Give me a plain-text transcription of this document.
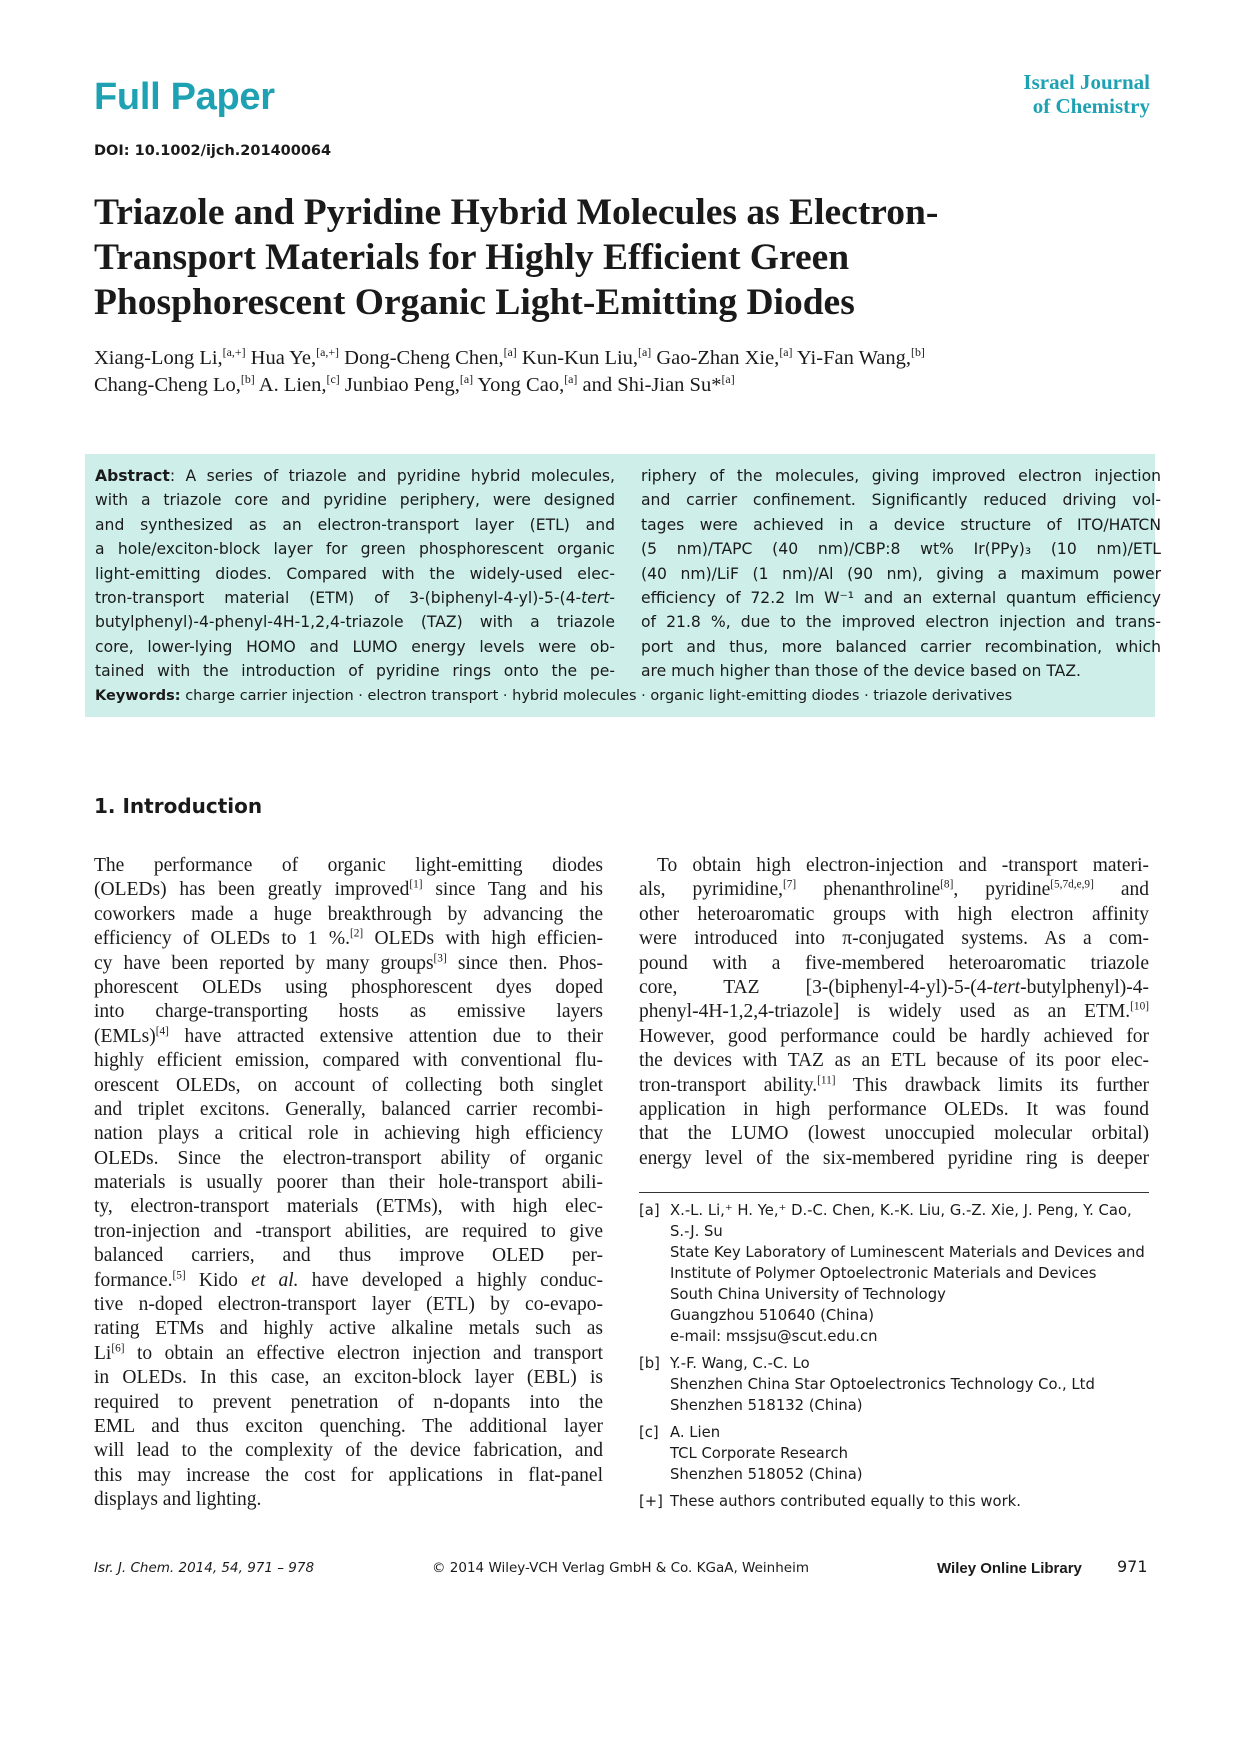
Full Paper	Israel Journal
of Chemistry
DOI: 10.1002/ijch.201400064
Triazole and Pyridine Hybrid Molecules as Electron-
Transport Materials for Highly Efficient Green
Phosphorescent Organic Light-Emitting Diodes
Xiang-Long Li,[a,+] Hua Ye,[a,+] Dong-Cheng Chen,[a] Kun-Kun Liu,[a] Gao-Zhan Xie,[a] Yi-Fan Wang,[b]
Chang-Cheng Lo,[b] A. Lien,[c] Junbiao Peng,[a] Yong Cao,[a] and Shi-Jian Su*[a]
Abstract: A series of triazole and pyridine hybrid molecules,
with a triazole core and pyridine periphery, were designed
and synthesized as an electron-transport layer (ETL) and
a hole/exciton-block layer for green phosphorescent organic
light-emitting diodes. Compared with the widely-used elec-
tron-transport material (ETM) of 3-(biphenyl-4-yl)-5-(4-tert-
butylphenyl)-4-phenyl-4H-1,2,4-triazole (TAZ) with a triazole
core, lower-lying HOMO and LUMO energy levels were ob-
tained with the introduction of pyridine rings onto the pe-
riphery of the molecules, giving improved electron injection
and carrier confinement. Significantly reduced driving vol-
tages were achieved in a device structure of ITO/HATCN
(5 nm)/TAPC (40 nm)/CBP:8 wt% Ir(PPy)₃ (10 nm)/ETL
(40 nm)/LiF (1 nm)/Al (90 nm), giving a maximum power
efficiency of 72.2 lm W⁻¹ and an external quantum efficiency
of 21.8 %, due to the improved electron injection and trans-
port and thus, more balanced carrier recombination, which
are much higher than those of the device based on TAZ.
Keywords: charge carrier injection · electron transport · hybrid molecules · organic light-emitting diodes · triazole derivatives
1. Introduction
The performance of organic light-emitting diodes
(OLEDs) has been greatly improved[1] since Tang and his
coworkers made a huge breakthrough by advancing the
efficiency of OLEDs to 1 %.[2] OLEDs with high efficien-
cy have been reported by many groups[3] since then. Phos-
phorescent OLEDs using phosphorescent dyes doped
into charge-transporting hosts as emissive layers
(EMLs)[4] have attracted extensive attention due to their
highly efficient emission, compared with conventional flu-
orescent OLEDs, on account of collecting both singlet
and triplet excitons. Generally, balanced carrier recombi-
nation plays a critical role in achieving high efficiency
OLEDs. Since the electron-transport ability of organic
materials is usually poorer than their hole-transport abili-
ty, electron-transport materials (ETMs), with high elec-
tron-injection and -transport abilities, are required to give
balanced carriers, and thus improve OLED per-
formance.[5] Kido et al. have developed a highly conduc-
tive n-doped electron-transport layer (ETL) by co-evapo-
rating ETMs and highly active alkaline metals such as
Li[6] to obtain an effective electron injection and transport
in OLEDs. In this case, an exciton-block layer (EBL) is
required to prevent penetration of n-dopants into the
EML and thus exciton quenching. The additional layer
will lead to the complexity of the device fabrication, and
this may increase the cost for applications in flat-panel
displays and lighting.
To obtain high electron-injection and -transport materi-
als, pyrimidine,[7] phenanthroline[8], pyridine[5,7d,e,9] and
other heteroaromatic groups with high electron affinity
were introduced into π-conjugated systems. As a com-
pound with a five-membered heteroaromatic triazole
core, TAZ [3-(biphenyl-4-yl)-5-(4-tert-butylphenyl)-4-
phenyl-4H-1,2,4-triazole] is widely used as an ETM.[10]
However, good performance could be hardly achieved for
the devices with TAZ as an ETL because of its poor elec-
tron-transport ability.[11] This drawback limits its further
application in high performance OLEDs. It was found
that the LUMO (lowest unoccupied molecular orbital)
energy level of the six-membered pyridine ring is deeper
[a] X.-L. Li,⁺ H. Ye,⁺ D.-C. Chen, K.-K. Liu, G.-Z. Xie, J. Peng, Y. Cao,
S.-J. Su
State Key Laboratory of Luminescent Materials and Devices and
Institute of Polymer Optoelectronic Materials and Devices
South China University of Technology
Guangzhou 510640 (China)
e-mail: mssjsu@scut.edu.cn
[b] Y.-F. Wang, C.-C. Lo
Shenzhen China Star Optoelectronics Technology Co., Ltd
Shenzhen 518132 (China)
[c] A. Lien
TCL Corporate Research
Shenzhen 518052 (China)
[+] These authors contributed equally to this work.
Isr. J. Chem. 2014, 54, 971 – 978	© 2014 Wiley-VCH Verlag GmbH & Co. KGaA, Weinheim	Wiley Online Library 971
